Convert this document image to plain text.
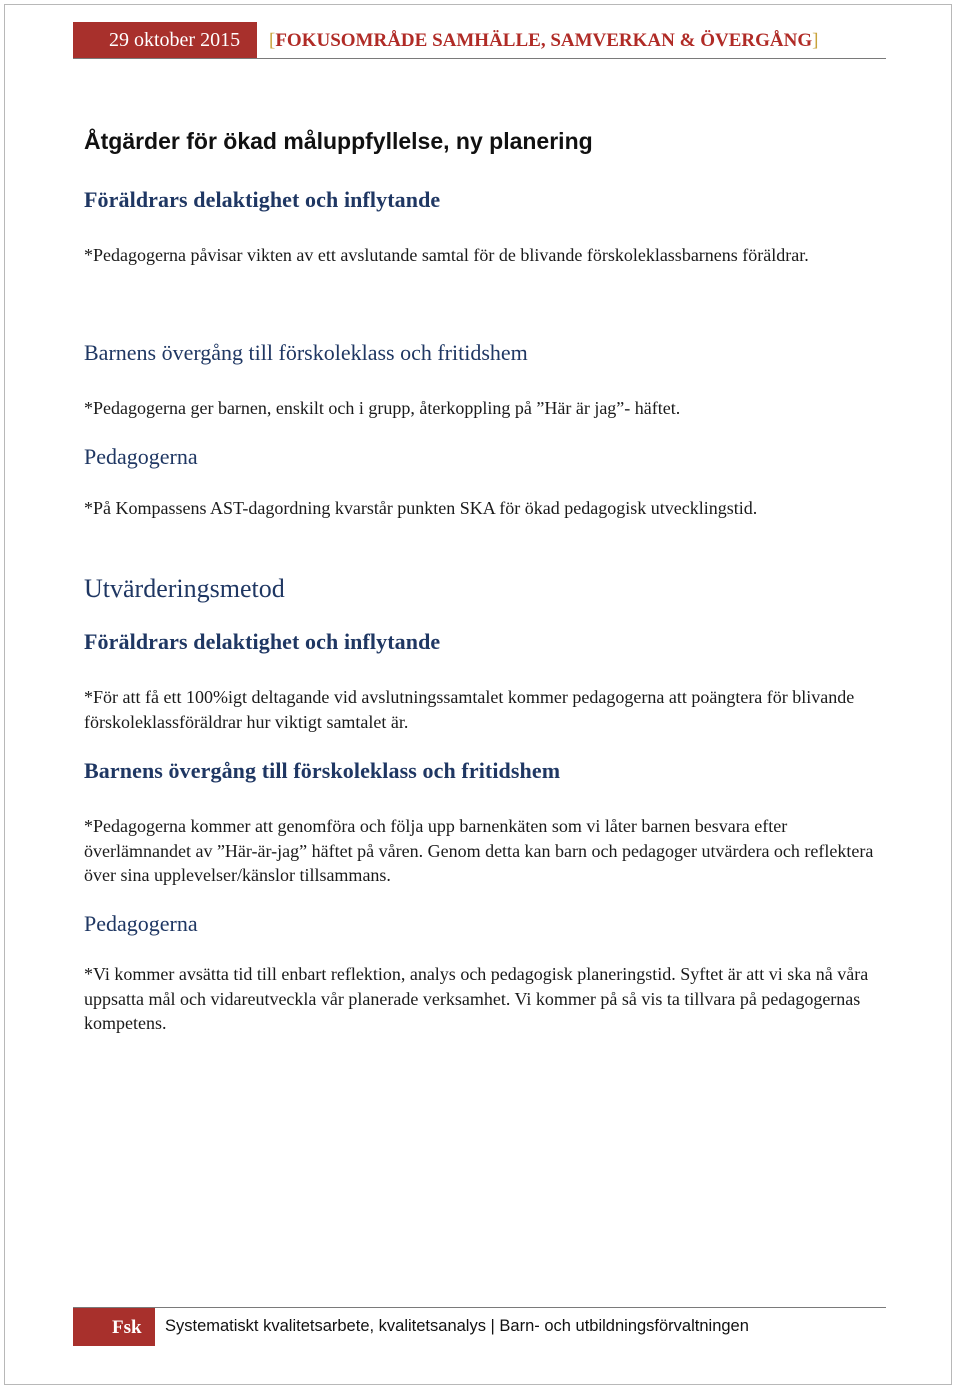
29 oktober 2015 [FOKUSOMRÅDE SAMHÄLLE, SAMVERKAN & ÖVERGÅNG]
Åtgärder för ökad måluppfyllelse, ny planering
Föräldrars delaktighet och inflytande
*Pedagogerna påvisar vikten av ett avslutande samtal för de blivande förskoleklassbarnens föräldrar.
Barnens övergång till förskoleklass och fritidshem
*Pedagogerna ger barnen, enskilt och i grupp, återkoppling på ”Här är jag”- häftet.
Pedagogerna
*På Kompassens AST-dagordning kvarstår punkten SKA för ökad pedagogisk utvecklingstid.
Utvärderingsmetod
Föräldrars delaktighet och inflytande
*För att få ett 100%igt deltagande vid avslutningssamtalet kommer pedagogerna att poängtera för blivande förskoleklassföräldrar hur viktigt samtalet är.
Barnens övergång till förskoleklass och fritidshem
*Pedagogerna kommer att genomföra och följa upp barnenkäten som vi låter barnen besvara efter överlämnandet av ”Här-är-jag” häftet på våren. Genom detta kan barn och pedagoger utvärdera och reflektera över sina upplevelser/känslor tillsammans.
Pedagogerna
*Vi kommer avsätta tid till enbart reflektion, analys och pedagogisk planeringstid. Syftet är att vi ska nå våra uppsatta mål och vidareutveckla vår planerade verksamhet. Vi kommer på så vis ta tillvara på pedagogernas kompetens.
Fsk Systematiskt kvalitetsarbete, kvalitetsanalys | Barn- och utbildningsförvaltningen
